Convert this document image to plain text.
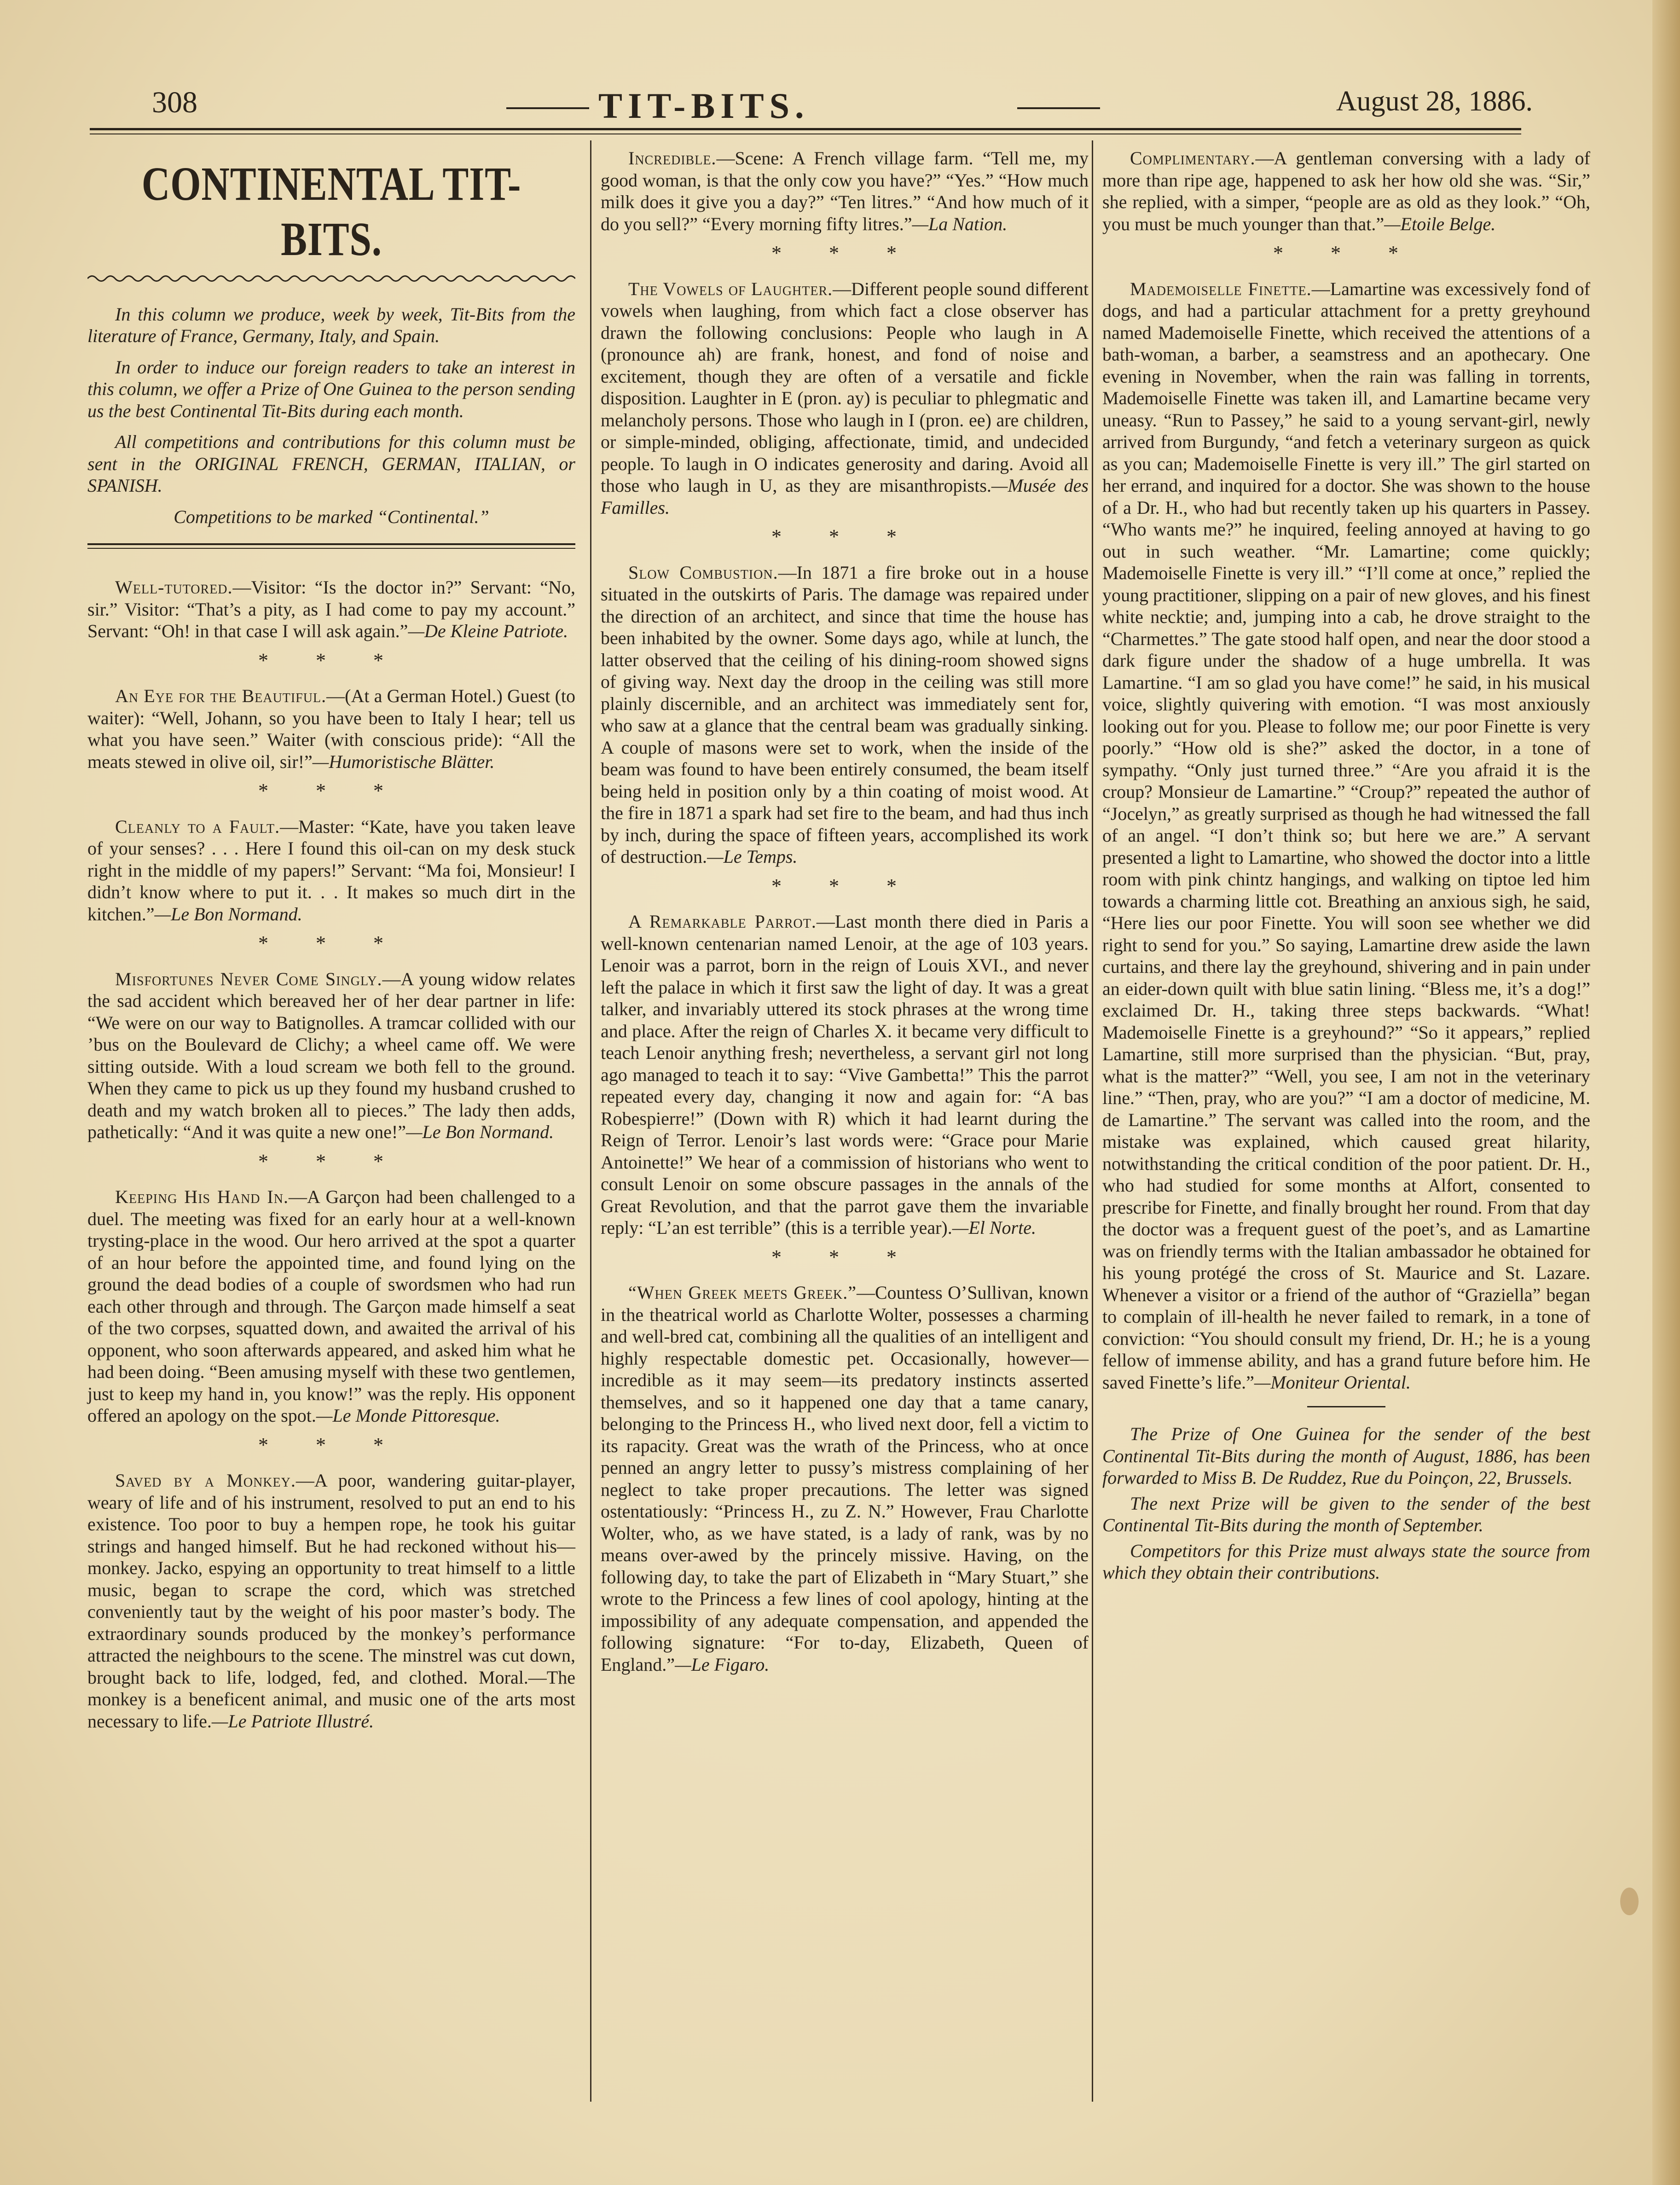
308	TIT-BITS.	August 28, 1886.
CONTINENTAL TIT-BITS.

In this column we produce, week by week, Tit-Bits from the literature of France, Germany, Italy, and Spain.

In order to induce our foreign readers to take an interest in this column, we offer a Prize of One Guinea to the person sending us the best Continental Tit-Bits during each month.

All competitions and contributions for this column must be sent in the ORIGINAL FRENCH, GERMAN, ITALIAN, or SPANISH.

Competitions to be marked “Continental.”

Well-tutored.—Visitor: “Is the doctor in?” Servant: “No, sir.” Visitor: “That’s a pity, as I had come to pay my account.” Servant: “Oh! in that case I will ask again.”—De Kleine Patriote.

* * *

An Eye for the Beautiful.—(At a German Hotel.) Guest (to waiter): “Well, Johann, so you have been to Italy I hear; tell us what you have seen.” Waiter (with conscious pride): “All the meats stewed in olive oil, sir!”—Humoristische Blätter.

* * *

Cleanly to a Fault.—Master: “Kate, have you taken leave of your senses? . . . Here I found this oil-can on my desk stuck right in the middle of my papers!” Servant: “Ma foi, Monsieur! I didn’t know where to put it. . . It makes so much dirt in the kitchen.”—Le Bon Normand.

* * *

Misfortunes Never Come Singly.—A young widow relates the sad accident which bereaved her of her dear partner in life: “We were on our way to Batignolles. A tramcar collided with our ’bus on the Boulevard de Clichy; a wheel came off. We were sitting outside. With a loud scream we both fell to the ground. When they came to pick us up they found my husband crushed to death and my watch broken all to pieces.” The lady then adds, pathetically: “And it was quite a new one!”—Le Bon Normand.

* * *

Keeping His Hand In.—A Garçon had been challenged to a duel. The meeting was fixed for an early hour at a well-known trysting-place in the wood. Our hero arrived at the spot a quarter of an hour before the appointed time, and found lying on the ground the dead bodies of a couple of swordsmen who had run each other through and through. The Garçon made himself a seat of the two corpses, squatted down, and awaited the arrival of his opponent, who soon afterwards appeared, and asked him what he had been doing. “Been amusing myself with these two gentlemen, just to keep my hand in, you know!” was the reply. His opponent offered an apology on the spot.—Le Monde Pittoresque.

* * *

Saved by a Monkey.—A poor, wandering guitar-player, weary of life and of his instrument, resolved to put an end to his existence. Too poor to buy a hempen rope, he took his guitar strings and hanged himself. But he had reckoned without his—monkey. Jacko, espying an opportunity to treat himself to a little music, began to scrape the cord, which was stretched conveniently taut by the weight of his poor master’s body. The extraordinary sounds produced by the monkey’s performance attracted the neighbours to the scene. The minstrel was cut down, brought back to life, lodged, fed, and clothed. Moral.—The monkey is a beneficent animal, and music one of the arts most necessary to life.—Le Patriote Illustré.

Incredible.—Scene: A French village farm. “Tell me, my good woman, is that the only cow you have?” “Yes.” “How much milk does it give you a day?” “Ten litres.” “And how much of it do you sell?” “Every morning fifty litres.”—La Nation.

* * *

The Vowels of Laughter.—Different people sound different vowels when laughing, from which fact a close observer has drawn the following conclusions: People who laugh in A (pronounce ah) are frank, honest, and fond of noise and excitement, though they are often of a versatile and fickle disposition. Laughter in E (pron. ay) is peculiar to phlegmatic and melancholy persons. Those who laugh in I (pron. ee) are children, or simple-minded, obliging, affectionate, timid, and undecided people. To laugh in O indicates generosity and daring. Avoid all those who laugh in U, as they are misanthropists.—Musée des Familles.

* * *

Slow Combustion.—In 1871 a fire broke out in a house situated in the outskirts of Paris. The damage was repaired under the direction of an architect, and since that time the house has been inhabited by the owner. Some days ago, while at lunch, the latter observed that the ceiling of his dining-room showed signs of giving way. Next day the droop in the ceiling was still more plainly discernible, and an architect was immediately sent for, who saw at a glance that the central beam was gradually sinking. A couple of masons were set to work, when the inside of the beam was found to have been entirely consumed, the beam itself being held in position only by a thin coating of moist wood. At the fire in 1871 a spark had set fire to the beam, and had thus inch by inch, during the space of fifteen years, accomplished its work of destruction.—Le Temps.

* * *

A Remarkable Parrot.—Last month there died in Paris a well-known centenarian named Lenoir, at the age of 103 years. Lenoir was a parrot, born in the reign of Louis XVI., and never left the palace in which it first saw the light of day. It was a great talker, and invariably uttered its stock phrases at the wrong time and place. After the reign of Charles X. it became very difficult to teach Lenoir anything fresh; nevertheless, a servant girl not long ago managed to teach it to say: “Vive Gambetta!” This the parrot repeated every day, changing it now and again for: “A bas Robespierre!” (Down with R) which it had learnt during the Reign of Terror. Lenoir’s last words were: “Grace pour Marie Antoinette!” We hear of a commission of historians who went to consult Lenoir on some obscure passages in the annals of the Great Revolution, and that the parrot gave them the invariable reply: “L’an est terrible” (this is a terrible year).—El Norte.

* * *

“When Greek meets Greek.”—Countess O’Sullivan, known in the theatrical world as Charlotte Wolter, possesses a charming and well-bred cat, combining all the qualities of an intelligent and highly respectable domestic pet. Occasionally, however—incredible as it may seem—its predatory instincts asserted themselves, and so it happened one day that a tame canary, belonging to the Princess H., who lived next door, fell a victim to its rapacity. Great was the wrath of the Princess, who at once penned an angry letter to pussy’s mistress complaining of her neglect to take proper precautions. The letter was signed ostentatiously: “Princess H., zu Z. N.” However, Frau Charlotte Wolter, who, as we have stated, is a lady of rank, was by no means over-awed by the princely missive. Having, on the following day, to take the part of Elizabeth in “Mary Stuart,” she wrote to the Princess a few lines of cool apology, hinting at the impossibility of any adequate compensation, and appended the following signature: “For to-day, Elizabeth, Queen of England.”—Le Figaro.

Complimentary.—A gentleman conversing with a lady of more than ripe age, happened to ask her how old she was. “Sir,” she replied, with a simper, “people are as old as they look.” “Oh, you must be much younger than that.”—Etoile Belge.

* * *

Mademoiselle Finette.—Lamartine was excessively fond of dogs, and had a particular attachment for a pretty greyhound named Mademoiselle Finette, which received the attentions of a bath-woman, a barber, a seamstress and an apothecary. One evening in November, when the rain was falling in torrents, Mademoiselle Finette was taken ill, and Lamartine became very uneasy. “Run to Passey,” he said to a young servant-girl, newly arrived from Burgundy, “and fetch a veterinary surgeon as quick as you can; Mademoiselle Finette is very ill.” The girl started on her errand, and inquired for a doctor. She was shown to the house of a Dr. H., who had but recently taken up his quarters in Passey. “Who wants me?” he inquired, feeling annoyed at having to go out in such weather. “Mr. Lamartine; come quickly; Mademoiselle Finette is very ill.” “I’ll come at once,” replied the young practitioner, slipping on a pair of new gloves, and his finest white necktie; and, jumping into a cab, he drove straight to the “Charmettes.” The gate stood half open, and near the door stood a dark figure under the shadow of a huge umbrella. It was Lamartine. “I am so glad you have come!” he said, in his musical voice, slightly quivering with emotion. “I was most anxiously looking out for you. Please to follow me; our poor Finette is very poorly.” “How old is she?” asked the doctor, in a tone of sympathy. “Only just turned three.” “Are you afraid it is the croup? Monsieur de Lamartine.” “Croup?” repeated the author of “Jocelyn,” as greatly surprised as though he had witnessed the fall of an angel. “I don’t think so; but here we are.” A servant presented a light to Lamartine, who showed the doctor into a little room with pink chintz hangings, and walking on tiptoe led him towards a charming little cot. Breathing an anxious sigh, he said, “Here lies our poor Finette. You will soon see whether we did right to send for you.” So saying, Lamartine drew aside the lawn curtains, and there lay the greyhound, shivering and in pain under an eider-down quilt with blue satin lining. “Bless me, it’s a dog!” exclaimed Dr. H., taking three steps backwards. “What! Mademoiselle Finette is a greyhound?” “So it appears,” replied Lamartine, still more surprised than the physician. “But, pray, what is the matter?” “Well, you see, I am not in the veterinary line.” “Then, pray, who are you?” “I am a doctor of medicine, M. de Lamartine.” The servant was called into the room, and the mistake was explained, which caused great hilarity, notwithstanding the critical condition of the poor patient. Dr. H., who had studied for some months at Alfort, consented to prescribe for Finette, and finally brought her round. From that day the doctor was a frequent guest of the poet’s, and as Lamartine was on friendly terms with the Italian ambassador he obtained for his young protégé the cross of St. Maurice and St. Lazare. Whenever a visitor or a friend of the author of “Graziella” began to complain of ill-health he never failed to remark, in a tone of conviction: “You should consult my friend, Dr. H.; he is a young fellow of immense ability, and has a grand future before him. He saved Finette’s life.”—Moniteur Oriental.

The Prize of One Guinea for the sender of the best Continental Tit-Bits during the month of August, 1886, has been forwarded to Miss B. De Ruddez, Rue du Poinçon, 22, Brussels.

The next Prize will be given to the sender of the best Continental Tit-Bits during the month of September.

Competitors for this Prize must always state the source from which they obtain their contributions.
